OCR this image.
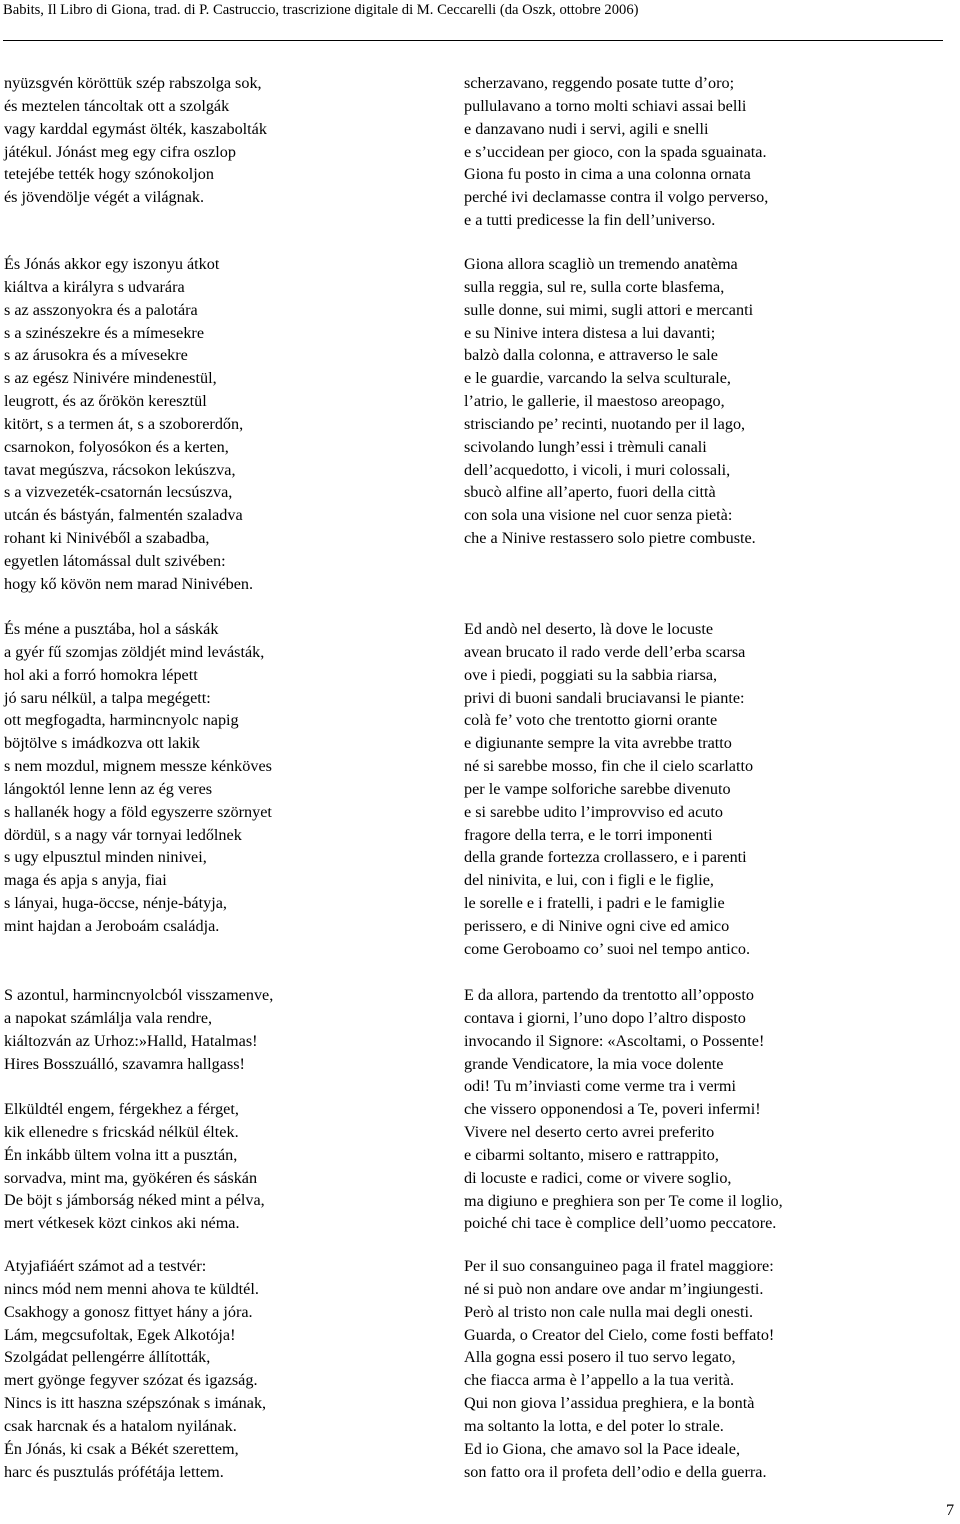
Babits, Il Libro di Giona, trad. di P. Castruccio, trascrizione digitale di M. Ceccarelli (da Oszk, ottobre 2006)
nyüzsgvén köröttük szép rabszolga sok,
és meztelen táncoltak ott a szolgák
vagy karddal egymást ölték, kaszabolták
játékul. Jónást meg egy cifra oszlop
tetejébe tették hogy szónokoljon
és jövendölje végét a világnak.
És Jónás akkor egy iszonyu átkot
kiáltva a királyra s udvarára
s az asszonyokra és a palotára
s a szinészekre és a mímesekre
s az árusokra és a mívesekre
s az egész Ninivére mindenestül,
leugrott, és az őrökön keresztül
kitört, s a termen át, s a szoborerdőn,
csarnokon, folyosókon és a kerten,
tavat megúszva, rácsokon lekúszva,
s a vizvezeték-csatornán lecsúszva,
utcán és bástyán, falmentén szaladva
rohant ki Ninivéből a szabadba,
egyetlen látomással dult szivében:
hogy kő kövön nem marad Ninivében.
És méne a pusztába, hol a sáskák
a gyér fű szomjas zöldjét mind levásták,
hol aki a forró homokra lépett
jó saru nélkül, a talpa megégett:
ott megfogadta, harmincnyolc napig
böjtölve s imádkozva ott lakik
s nem mozdul, mignem messze kénköves
lángoktól lenne lenn az ég veres
s hallanék hogy a föld egyszerre szörnyet
dördül, s a nagy vár tornyai ledőlnek
s ugy elpusztul minden ninivei,
maga és apja s anyja, fiai
s lányai, huga-öccse, nénje-bátyja,
mint hajdan a Jeroboám családja.
S azontul, harmincnyolcból visszamenve,
a napokat számlálja vala rendre,
kiáltozván az Urhoz:»Halld, Hatalmas!
Hires Bosszuálló, szavamra hallgass!
Elküldtél engem, férgekhez a férget,
kik ellenedre s fricskád nélkül éltek.
Én inkább ültem volna itt a pusztán,
sorvadva, mint ma, gyökéren és sáskán
De böjt s jámborság néked mint a pélva,
mert vétkesek közt cinkos aki néma.
Atyjafiáért számot ad a testvér:
nincs mód nem menni ahova te küldtél.
Csakhogy a gonosz fittyet hány a jóra.
Lám, megcsufoltak, Egek Alkotója!
Szolgádat pellengérre állították,
mert gyönge fegyver szózat és igazság.
Nincs is itt haszna szépszónak s imának,
csak harcnak és a hatalom nyilának.
Én Jónás, ki csak a Békét szerettem,
harc és pusztulás prófétája lettem.
scherzavano, reggendo posate tutte d’oro;
pullulavano a torno molti schiavi assai belli
e danzavano nudi i servi, agili e snelli
e s’uccidean per gioco, con la spada sguainata.
Giona fu posto in cima a una colonna ornata
perché ivi declamasse contra il volgo perverso,
e a tutti predicesse la fin dell’universo.
Giona allora scagliò un tremendo anatèma
sulla reggia, sul re, sulla corte blasfema,
sulle donne, sui mimi, sugli attori e mercanti
e su Ninive intera distesa a lui davanti;
balzò dalla colonna, e attraverso le sale
e le guardie, varcando la selva sculturale,
l’atrio, le gallerie, il maestoso areopago,
strisciando pe’ recinti, nuotando per il lago,
scivolando lungh’essi i trèmuli canali
dell’acquedotto, i vicoli, i muri colossali,
sbucò alfine all’aperto, fuori della città
con sola una visione nel cuor senza pietà:
che a Ninive restassero solo pietre combuste.
Ed andò nel deserto, là dove le locuste
avean brucato il rado verde dell’erba scarsa
ove i piedi, poggiati su la sabbia riarsa,
privi di buoni sandali bruciavansi le piante:
colà fe’ voto che trentotto giorni orante
e digiunante sempre la vita avrebbe tratto
né si sarebbe mosso, fin che il cielo scarlatto
per le vampe solforiche sarebbe divenuto
e si sarebbe udito l’improvviso ed acuto
fragore della terra, e le torri imponenti
della grande fortezza crollassero, e i parenti
del ninivita, e lui, con i figli e le figlie,
le sorelle e i fratelli, i padri e le famiglie
perissero, e di Ninive ogni cive ed amico
come Geroboamo co’ suoi nel tempo antico.
E da allora, partendo da trentotto all’opposto
contava i giorni, l’uno dopo l’altro disposto
invocando il Signore: «Ascoltami, o Possente!
grande Vendicatore, la mia voce dolente
odi! Tu m’inviasti come verme tra i vermi
che vissero opponendosi a Te, poveri infermi!
Vivere nel deserto certo avrei preferito
e cibarmi soltanto, misero e rattrappito,
di locuste e radici, come or vivere soglio,
ma digiuno e preghiera son per Te come il loglio,
poiché chi tace è complice dell’uomo peccatore.
Per il suo consanguineo paga il fratel maggiore:
né si può non andare ove andar m’ingiungesti.
Però al tristo non cale nulla mai degli onesti.
Guarda, o Creator del Cielo, come fosti beffato!
Alla gogna essi posero il tuo servo legato,
che fiacca arma è l’appello a la tua verità.
Qui non giova l’assidua preghiera, e la bontà
ma soltanto la lotta, e del poter lo strale.
Ed io Giona, che amavo sol la Pace ideale,
son fatto ora il profeta dell’odio e della guerra.
7
